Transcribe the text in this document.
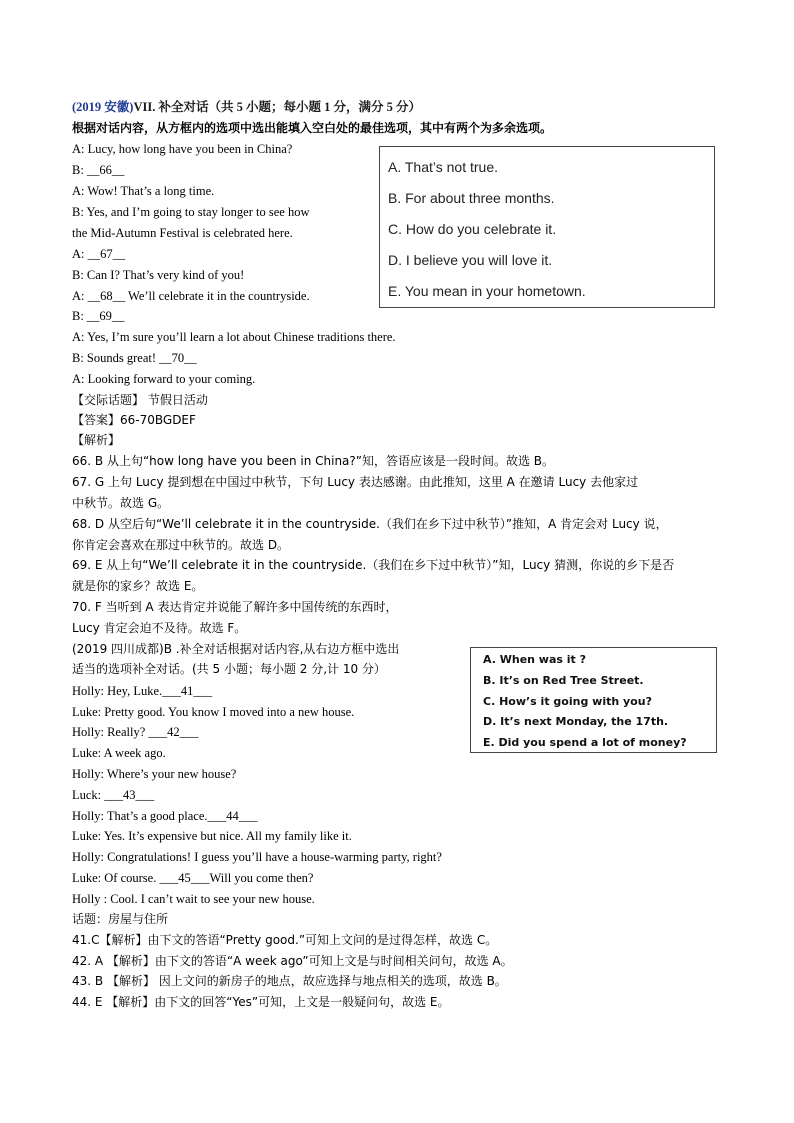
(2019 安徽)VII. 补全对话（共 5 小题；每小题 1 分，满分 5 分）
根据对话内容，从方框内的选项中选出能填入空白处的最佳选项，其中有两个为多余选项。
A: Lucy, how long have you been in China?
B: __66__
A: Wow! That’s a long time.
B: Yes, and I’m going to stay longer to see how
the Mid-Autumn Festival is celebrated here.
A: __67__
B: Can I? That’s very kind of you!
A: __68__ We’ll celebrate it in the countryside.
B: __69__
A: Yes, I’m sure you’ll learn a lot about Chinese traditions there.
B: Sounds great! __70__
A: Looking forward to your coming.
A. That’s not true.
B. For about three months.
C. How do you celebrate it.
D. I believe you will love it.
E. You mean in your hometown.
【交际话题】 节假日活动
【答案】66-70BGDEF
【解析】
66. B 从上句“how long have you been in China?”知，答语应该是一段时间。故选 B。
67. G 上句 Lucy 提到想在中国过中秋节，下句 Lucy 表达感谢。由此推知，这里 A 在邀请 Lucy 去他家过
中秋节。故选 G。
68. D 从空后句“We’ll celebrate it in the countryside.（我们在乡下过中秋节）”推知，A 肯定会对 Lucy 说，
你肯定会喜欢在那过中秋节的。故选 D。
69. E 从上句“We’ll celebrate it in the countryside.（我们在乡下过中秋节）”知，Lucy 猜测，你说的乡下是否
就是你的家乡？故选 E。
70. F 当听到 A 表达肯定并说能了解许多中国传统的东西时，
Lucy 肯定会迫不及待。故选 F。
(2019 四川成都)B .补全对话根据对话内容,从右边方框中选出
适当的选项补全对话。(共 5 小题；每小题 2 分,计 10 分）
A. When was it ?
B. It’s on Red Tree Street.
C. How’s it going with you?
D. It’s next Monday, the 17th.
E. Did you spend a lot of money?
Holly: Hey, Luke.___41___
Luke: Pretty good. You know I moved into a new house.
Holly: Really? ___42___
Luke: A week ago.
Holly: Where’s your new house?
Luck: ___43___
Holly: That’s a good place.___44___
Luke: Yes. It’s expensive but nice. All my family like it.
Holly: Congratulations! I guess you’ll have a house-warming party, right?
Luke: Of course. ___45___Will you come then?
Holly : Cool. I can’t wait to see your new house.
话题：房屋与住所
41.C【解析】由下文的答语“Pretty good.”可知上文问的是过得怎样，故选 C。
42. A 【解析】由下文的答语“A week ago”可知上文是与时间相关问句，故选 A。
43. B 【解析】 因上文问的新房子的地点，故应选择与地点相关的选项，故选 B。
44. E 【解析】由下文的回答“Yes”可知，上文是一般疑问句，故选 E。
